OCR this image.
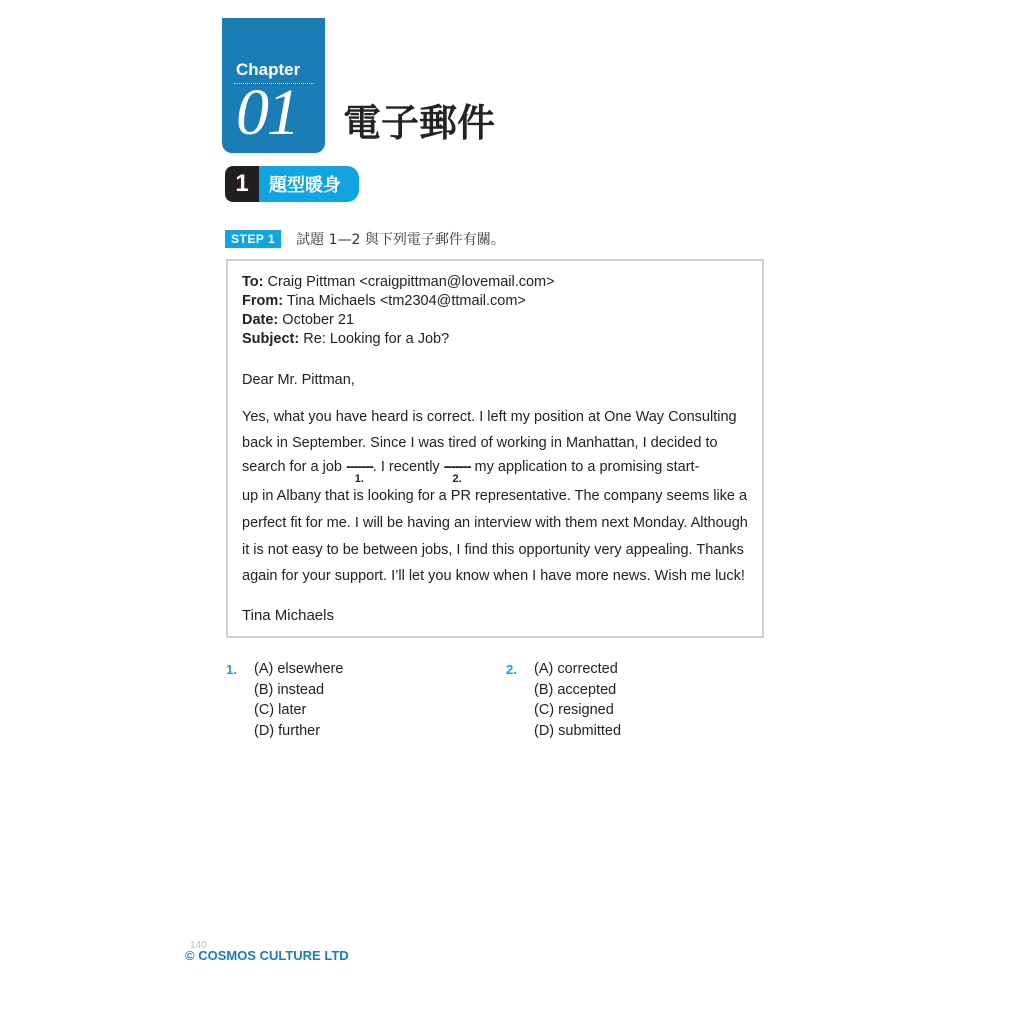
Chapter
01 電子郵件
1	題型暖身
STEP 1	試題 1—2 與下列電子郵件有關。
To: Craig Pittman <craigpittman@lovemail.com>
From: Tina Michaels <tm2304@ttmail.com>
Date: October 21
Subject: Re: Looking for a Job?
Dear Mr. Pittman,
Yes, what you have heard is correct. I left my position at One Way Consulting
back in September. Since I was tired of working in Manhattan, I decided to
search for a job -------
1.
. I recently -------
2.
my application to a promising start-
up in Albany that is looking for a PR representative. The company seems like a
perfect fit for me. I will be having an interview with them next Monday. Although
it is not easy to be between jobs, I find this opportunity very appealing. Thanks
again for your support. I’ll let you know when I have more news. Wish me luck!
Tina Michaels
1. (A) elsewhere
(B) instead
(C) later
(D) further
2. (A) corrected
(B) accepted
(C) resigned
(D) submitted
140
© COSMOS CULTURE LTD
